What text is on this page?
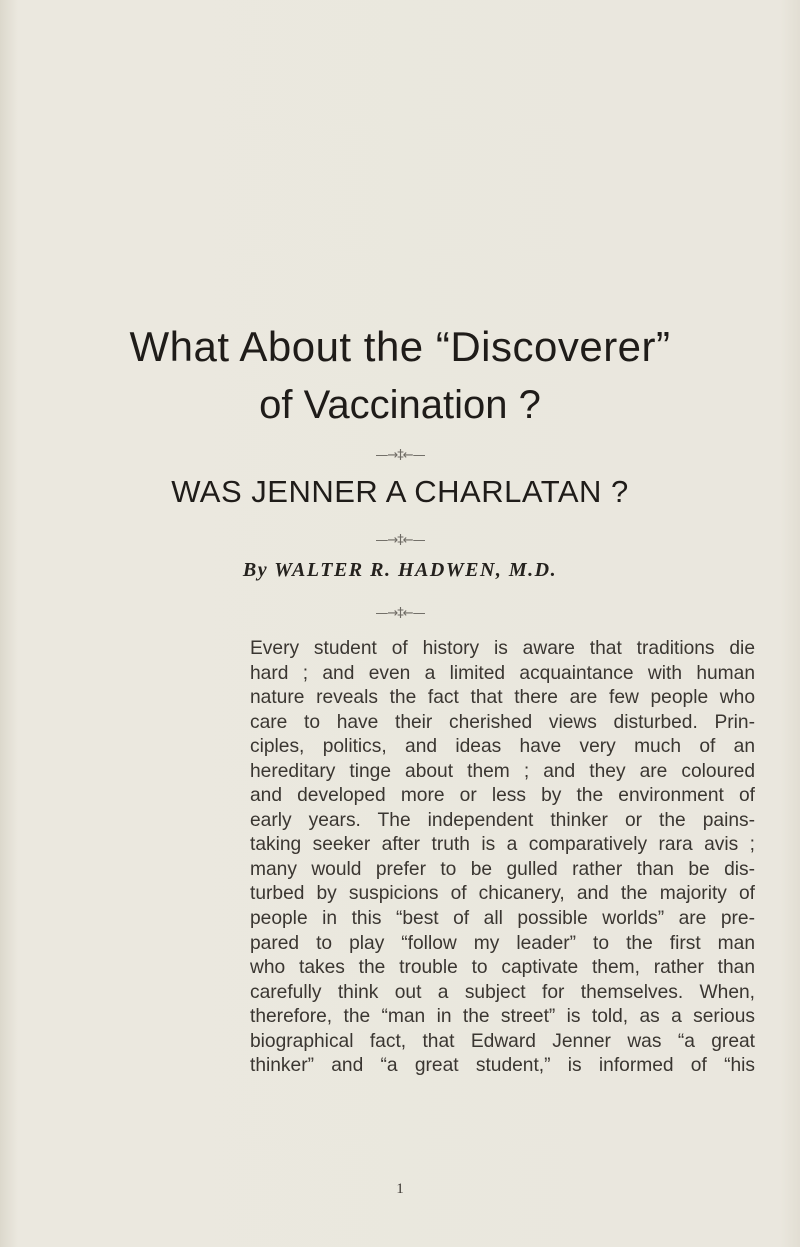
What About the “Discoverer”
of Vaccination ?
—→‡←—
WAS JENNER A CHARLATAN ?
—→‡←—
By WALTER R. HADWEN, M.D.
—→‡←—
Every student of history is aware that traditions die
hard ; and even a limited acquaintance with human
nature reveals the fact that there are few people who
care to have their cherished views disturbed. Prin-
ciples, politics, and ideas have very much of an
hereditary tinge about them ; and they are coloured
and developed more or less by the environment of
early years. The independent thinker or the pains-
taking seeker after truth is a comparatively rara avis ;
many would prefer to be gulled rather than be dis-
turbed by suspicions of chicanery, and the majority of
people in this “best of all possible worlds” are pre-
pared to play “follow my leader” to the first man
who takes the trouble to captivate them, rather than
carefully think out a subject for themselves. When,
therefore, the “man in the street” is told, as a serious
biographical fact, that Edward Jenner was “a great
thinker” and “a great student,” is informed of “his
1
